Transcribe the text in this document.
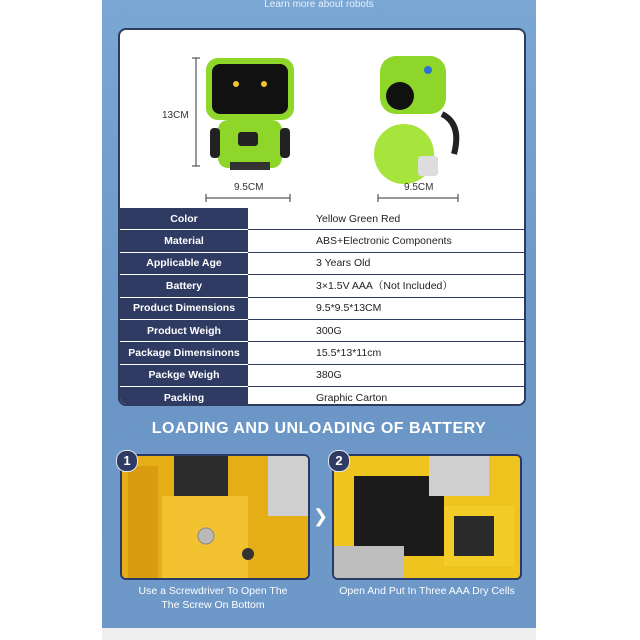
Learn more about robots
13CM
9.5CM	9.5CM
Color	Yellow Green Red
Material	ABS+Electronic Components
Applicable Age	3 Years Old
Battery	3×1.5V AAA（Not Included）
Product Dimensions	9.5*9.5*13CM
Product Weigh	300G
Package Dimensinons	15.5*13*11cm
Packge Weigh	380G
Packing	Graphic Carton
LOADING AND UNLOADING OF BATTERY
1
❯
2
Use a Screwdriver To Open The
The Screw On Bottom
Open And Put In Three AAA Dry Cells
